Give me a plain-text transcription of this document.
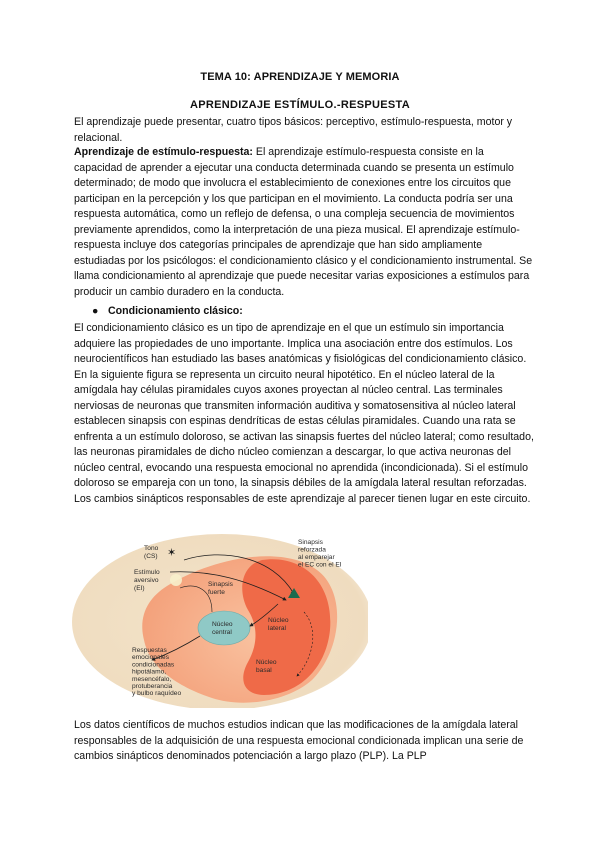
TEMA 10: APRENDIZAJE Y MEMORIA
APRENDIZAJE ESTÍMULO.-RESPUESTA

El aprendizaje puede presentar, cuatro tipos básicos: perceptivo, estímulo-respuesta, motor y relacional.

Aprendizaje de estímulo-respuesta: El aprendizaje estímulo-respuesta consiste en la capacidad de aprender a ejecutar una conducta determinada cuando se presenta un estímulo determinado; de modo que involucra el establecimiento de conexiones entre los circuitos que participan en la percepción y los que participan en el movimiento. La conducta podría ser una respuesta automática, como un reflejo de defensa, o una compleja secuencia de movimientos previamente aprendidos, como la interpretación de una pieza musical. El aprendizaje estímulo-respuesta incluye dos categorías principales de aprendizaje que han sido ampliamente estudiadas por los psicólogos: el condicionamiento clásico y el condicionamiento instrumental. Se llama condicionamiento al aprendizaje que puede necesitar varias exposiciones a estímulos para producir un cambio duradero en la conducta.

● Condicionamiento clásico:

El condicionamiento clásico es un tipo de aprendizaje en el que un estímulo sin importancia adquiere las propiedades de uno importante. Implica una asociación entre dos estímulos. Los neurocientíficos han estudiado las bases anatómicas y fisiológicas del condicionamiento clásico. En la siguiente figura se representa un circuito neural hipotético. En el núcleo lateral de la amígdala hay células piramidales cuyos axones proyectan al núcleo central. Las terminales nerviosas de neuronas que transmiten información auditiva y somatosensitiva al núcleo lateral establecen sinapsis con espinas dendríticas de estas células piramidales. Cuando una rata se enfrenta a un estímulo doloroso, se activan las sinapsis fuertes del núcleo lateral; como resultado, las neuronas piramidales de dicho núcleo comienzan a descargar, lo que activa neuronas del núcleo central, evocando una respuesta emocional no aprendida (incondicionada). Si el estímulo doloroso se empareja con un tono, la sinapsis débiles de la amígdala lateral resultan reforzadas. Los cambios sinápticos responsables de este aprendizaje al parecer tienen lugar en este circuito.

✶
Tono (CS)
Estímulo aversivo (EI)
Sinapsis reforzada al emparejar el EC con el EI
Sinapsis fuerte
Núcleo central
Núcleo lateral
Núcleo basal
Respuestas emocionales condicionadas hipotálamo, mesencéfalo, protuberancia y bulbo raquídeo

Los datos científicos de muchos estudios indican que las modificaciones de la amígdala lateral responsables de la adquisición de una respuesta emocional condicionada implican una serie de cambios sinápticos denominados potenciación a largo plazo (PLP). La PLP
